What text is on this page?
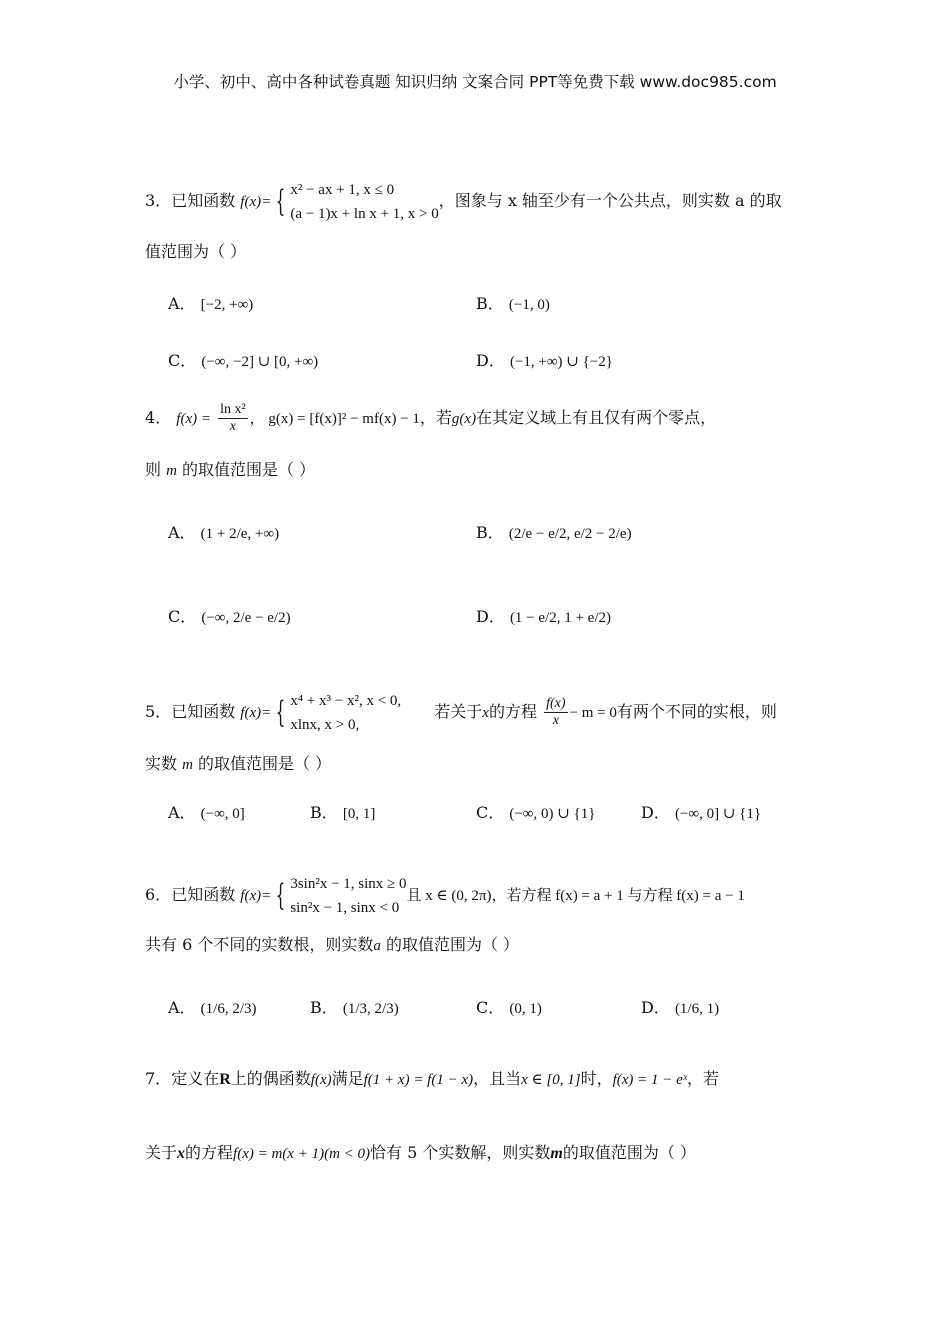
小学、初中、高中各种试卷真题 知识归纳 文案合同 PPT等免费下载 www.doc985.com
3．已知函数 f(x)= { x² − ax + 1, x ≤ 0
(a − 1)x + ln x + 1, x > 0
，图象与 x 轴至少有一个公共点，则实数 a 的取
值范围为（ ）
A． [−2, +∞)	B． (−1, 0)
C． (−∞, −2] ∪ [0, +∞)	D． (−1, +∞) ∪ {−2}
4． $f(x) = \frac{\text{ln x²}}{x}$ ， g(x) = [f(x)]² − mf(x) − 1，若g(x)在其定义域上有且仅有两个零点，
则 m 的取值范围是（ ）
A． (1 + 2/e, +∞)	B． (2/e − e/2, e/2 − 2/e)
C． (−∞, 2/e − e/2)	D． (1 − e/2, 1 + e/2)
5．已知函数 f(x)= { x⁴ + x³ − x², x < 0,
xlnx, x > 0,
若关于x的方程 $\frac{f(x)}{x} - m = 0$有两个不同的实根，则
实数 m 的取值范围是（ ）
A． (−∞, 0]	B． [0, 1]	C． (−∞, 0) ∪ {1}	D． (−∞, 0] ∪ {1}
6．已知函数 f(x)= { 3sin²x − 1, sinx ≥ 0
sin²x − 1, sinx < 0
且 x ∈ (0, 2π)，若方程 f(x) = a + 1 与方程 f(x) = a − 1
共有 6 个不同的实数根，则实数a 的取值范围为（ ）
A． (1/6, 2/3)	B． (1/3, 2/3)	C． (0, 1)	D． (1/6, 1)
7．定义在R上的偶函数f(x)满足f(1 + x) = f(1 − x)，且当x ∈ [0, 1]时，f(x) = 1 − eˣ，若
关于x的方程f(x) = m(x + 1)(m < 0)恰有 5 个实数解，则实数m的取值范围为（ ）
